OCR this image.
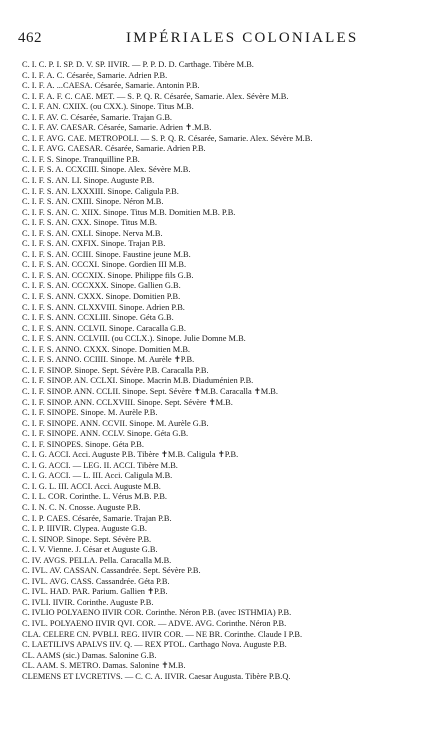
462	IMPÉRIALES COLONIALES
C. I. C. P. I. SP. D. V. SP. IIVIR. — P. P. D. D. Carthage. Tibère M.B.
C. I. F. A. C. Césarée, Samarie. Adrien P.B.
C. I. F. A. ...CAESA. Césarée, Samarie. Antonin P.B.
C. I. F. A. F. C. CAE. MET. — S. P. Q. R. Césarée, Samarie. Alex. Sévère M.B.
C. I. F. AN. CXIIX. (ou CXX.). Sinope. Titus M.B.
C. I. F. AV. C. Césarée, Samarie. Trajan G.B.
C. I. F. AV. CAESAR. Césarée, Samarie. Adrien ✝.M.B.
C. I. F. AVG. CAE. METROPOLI. — S. P. Q. R. Césarée, Samarie. Alex. Sévère M.B.
C. I. F. AVG. CAESAR. Césarée, Samarie. Adrien P.B.
C. I. F. S. Sinope. Tranquilline P.B.
C. I. F. S. A. CCXCIII. Sinope. Alex. Sévère M.B.
C. I. F. S. AN. LI. Sinope. Auguste P.B.
C. I. F. S. AN. LXXXIII. Sinope. Caligula P.B.
C. I. F. S. AN. CXIII. Sinope. Néron M.B.
C. I. F. S. AN. C. XIIX. Sinope. Titus M.B. Domitien M.B. P.B.
C. I. F. S. AN. CXX. Sinope. Titus M.B.
C. I. F. S. AN. CXLI. Sinope. Nerva M.B.
C. I. F. S. AN. CXFIX. Sinope. Trajan P.B.
C. I. F. S. AN. CCIII. Sinope. Faustine jeune M.B.
C. I. F. S. AN. CCCXI. Sinope. Gordien III M.B.
C. I. F. S. AN. CCCXIX. Sinope. Philippe fils G.B.
C. I. F. S. AN. CCCXXX. Sinope. Gallien G.B.
C. I. F. S. ANN. CXXX. Sinope. Domitien P.B.
C. I. F. S. ANN. CLXXVIII. Sinope. Adrien P.B.
C. I. F. S. ANN. CCXLIII. Sinope. Géta G.B.
C. I. F. S. ANN. CCLVII. Sinope. Caracalla G.B.
C. I. F. S. ANN. CCLVIII. (ou CCLX.). Sinope. Julie Domne M.B.
C. I. F. S. ANNO. CXXX. Sinope. Domitien M.B.
C. I. F. S. ANNO. CCIIII. Sinope. M. Aurèle ✝P.B.
C. I. F. SINOP. Sinope. Sept. Sévère P.B. Caracalla P.B.
C. I. F. SINOP. AN. CCLXI. Sinope. Macrin M.B. Diaduménien P.B.
C. I. F. SINOP. ANN. CCLII. Sinope. Sept. Sévère ✝M.B. Caracalla ✝M.B.
C. I. F. SINOP. ANN. CCLXVIII. Sinope. Sept. Sévère ✝M.B.
C. I. F. SINOPE. Sinope. M. Aurèle P.B.
C. I. F. SINOPE. ANN. CCVII. Sinope. M. Aurèle G.B.
C. I. F. SINOPE. ANN. CCLV. Sinope. Géta G.B.
C. I. F. SINOPES. Sinope. Géta P.B.
C. I. G. ACCI. Acci. Auguste P.B. Tibère ✝M.B. Caligula ✝P.B.
C. I. G. ACCI. — LEG. II. ACCI. Tibère M.B.
C. I. G. ACCI. — L. III. Acci. Caligula M.B.
C. I. G. L. III. ACCI. Acci. Auguste M.B.
C. I. L. COR. Corinthe. L. Vérus M.B. P.B.
C. I. N. C. N. Cnosse. Auguste P.B.
C. I. P. CAES. Césarée, Samarie. Trajan P.B.
C. I. P. IIIVIR. Clypea. Auguste G.B.
C. I. SINOP. Sinope. Sept. Sévère P.B.
C. I. V. Vienne. J. César et Auguste G.B.
C. IV. AVGS. PELLA. Pella. Caracalla M.B.
C. IVL. AV. CASSAN. Cassandrée. Sept. Sévère P.B.
C. IVL. AVG. CASS. Cassandrée. Géta P.B.
C. IVL. HAD. PAR. Parium. Gallien ✝P.B.
C. IVLI. IIVIR. Corinthe. Auguste P.B.
C. IVLIO POLYAENO IIVIR COR. Corinthe. Néron P.B. (avec ISTHMIA) P.B.
C. IVL. POLYAENO IIVIR QVI. COR. — ADVE. AVG. Corinthe. Néron P.B.
CLA. CELERE CN. PVBLI. REG. IIVIR COR. — NE BR. Corinthe. Claude I P.B.
C. LAETILIVS APALVS IIV. Q. — REX PTOL. Carthago Nova. Auguste P.B.
CL. AAMS (sic.) Damas. Salonine G.B.
CL. AAM. S. METRO. Damas. Salonine ✝M.B.
CLEMENS ET LVCRETIVS. — C. C. A. IIVIR. Caesar Augusta. Tibère P.B.Q.
